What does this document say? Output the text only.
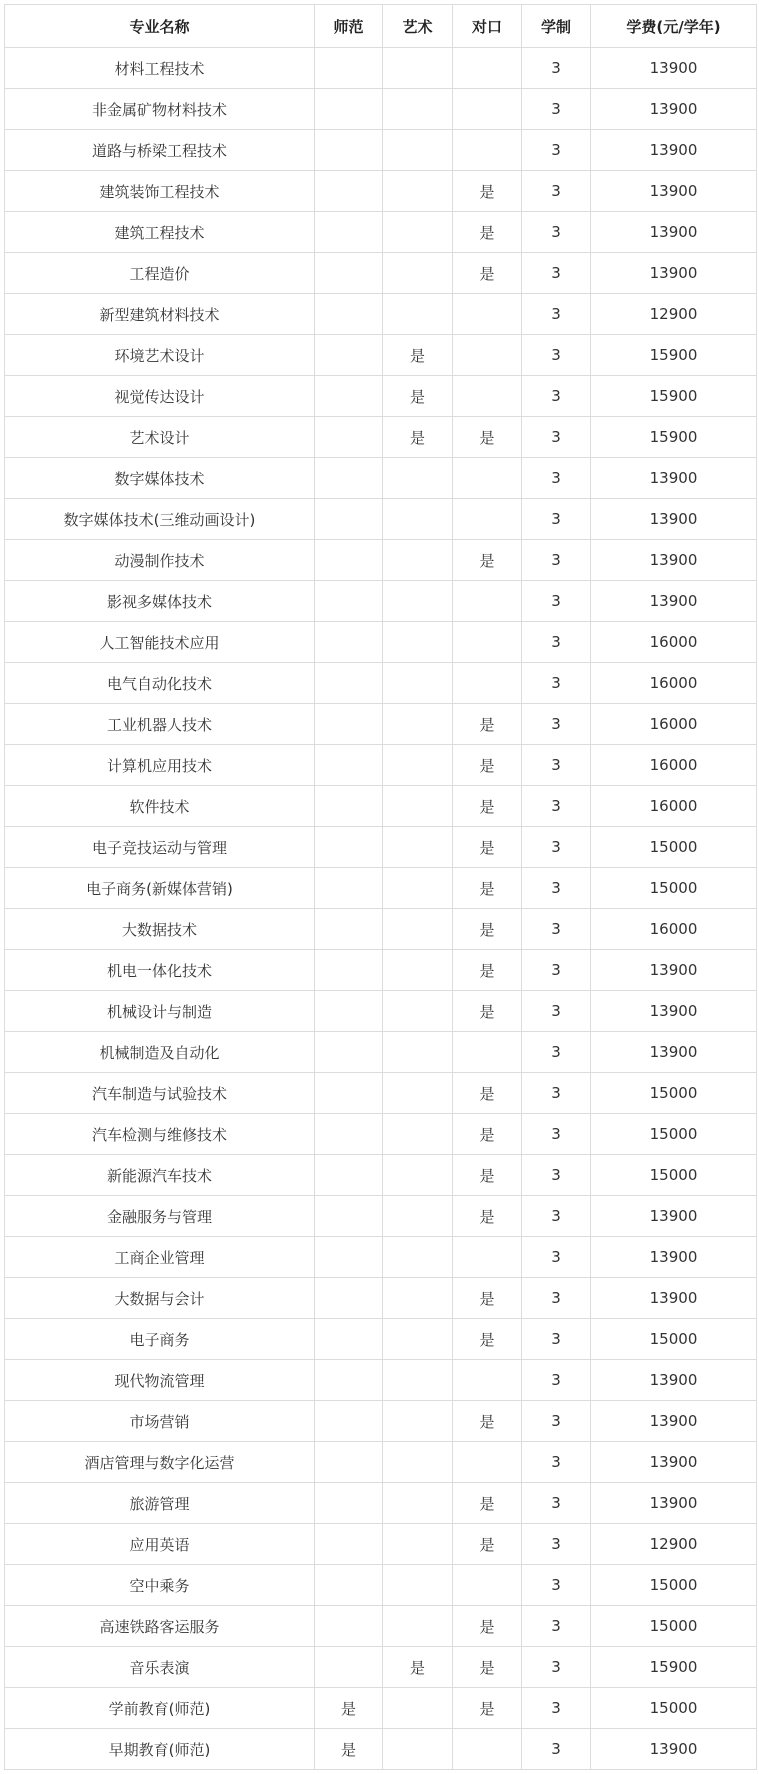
专业名称	师范	艺术	对口	学制	学费(元/学年)
材料工程技术				3	13900
非金属矿物材料技术				3	13900
道路与桥梁工程技术				3	13900
建筑装饰工程技术			是	3	13900
建筑工程技术			是	3	13900
工程造价			是	3	13900
新型建筑材料技术				3	12900
环境艺术设计		是		3	15900
视觉传达设计		是		3	15900
艺术设计		是	是	3	15900
数字媒体技术				3	13900
数字媒体技术(三维动画设计)				3	13900
动漫制作技术			是	3	13900
影视多媒体技术				3	13900
人工智能技术应用				3	16000
电气自动化技术				3	16000
工业机器人技术			是	3	16000
计算机应用技术			是	3	16000
软件技术			是	3	16000
电子竞技运动与管理			是	3	15000
电子商务(新媒体营销)			是	3	15000
大数据技术			是	3	16000
机电一体化技术			是	3	13900
机械设计与制造			是	3	13900
机械制造及自动化				3	13900
汽车制造与试验技术			是	3	15000
汽车检测与维修技术			是	3	15000
新能源汽车技术			是	3	15000
金融服务与管理			是	3	13900
工商企业管理				3	13900
大数据与会计			是	3	13900
电子商务			是	3	15000
现代物流管理				3	13900
市场营销			是	3	13900
酒店管理与数字化运营				3	13900
旅游管理			是	3	13900
应用英语			是	3	12900
空中乘务				3	15000
高速铁路客运服务			是	3	15000
音乐表演		是	是	3	15900
学前教育(师范)	是		是	3	15000
早期教育(师范)	是			3	13900
